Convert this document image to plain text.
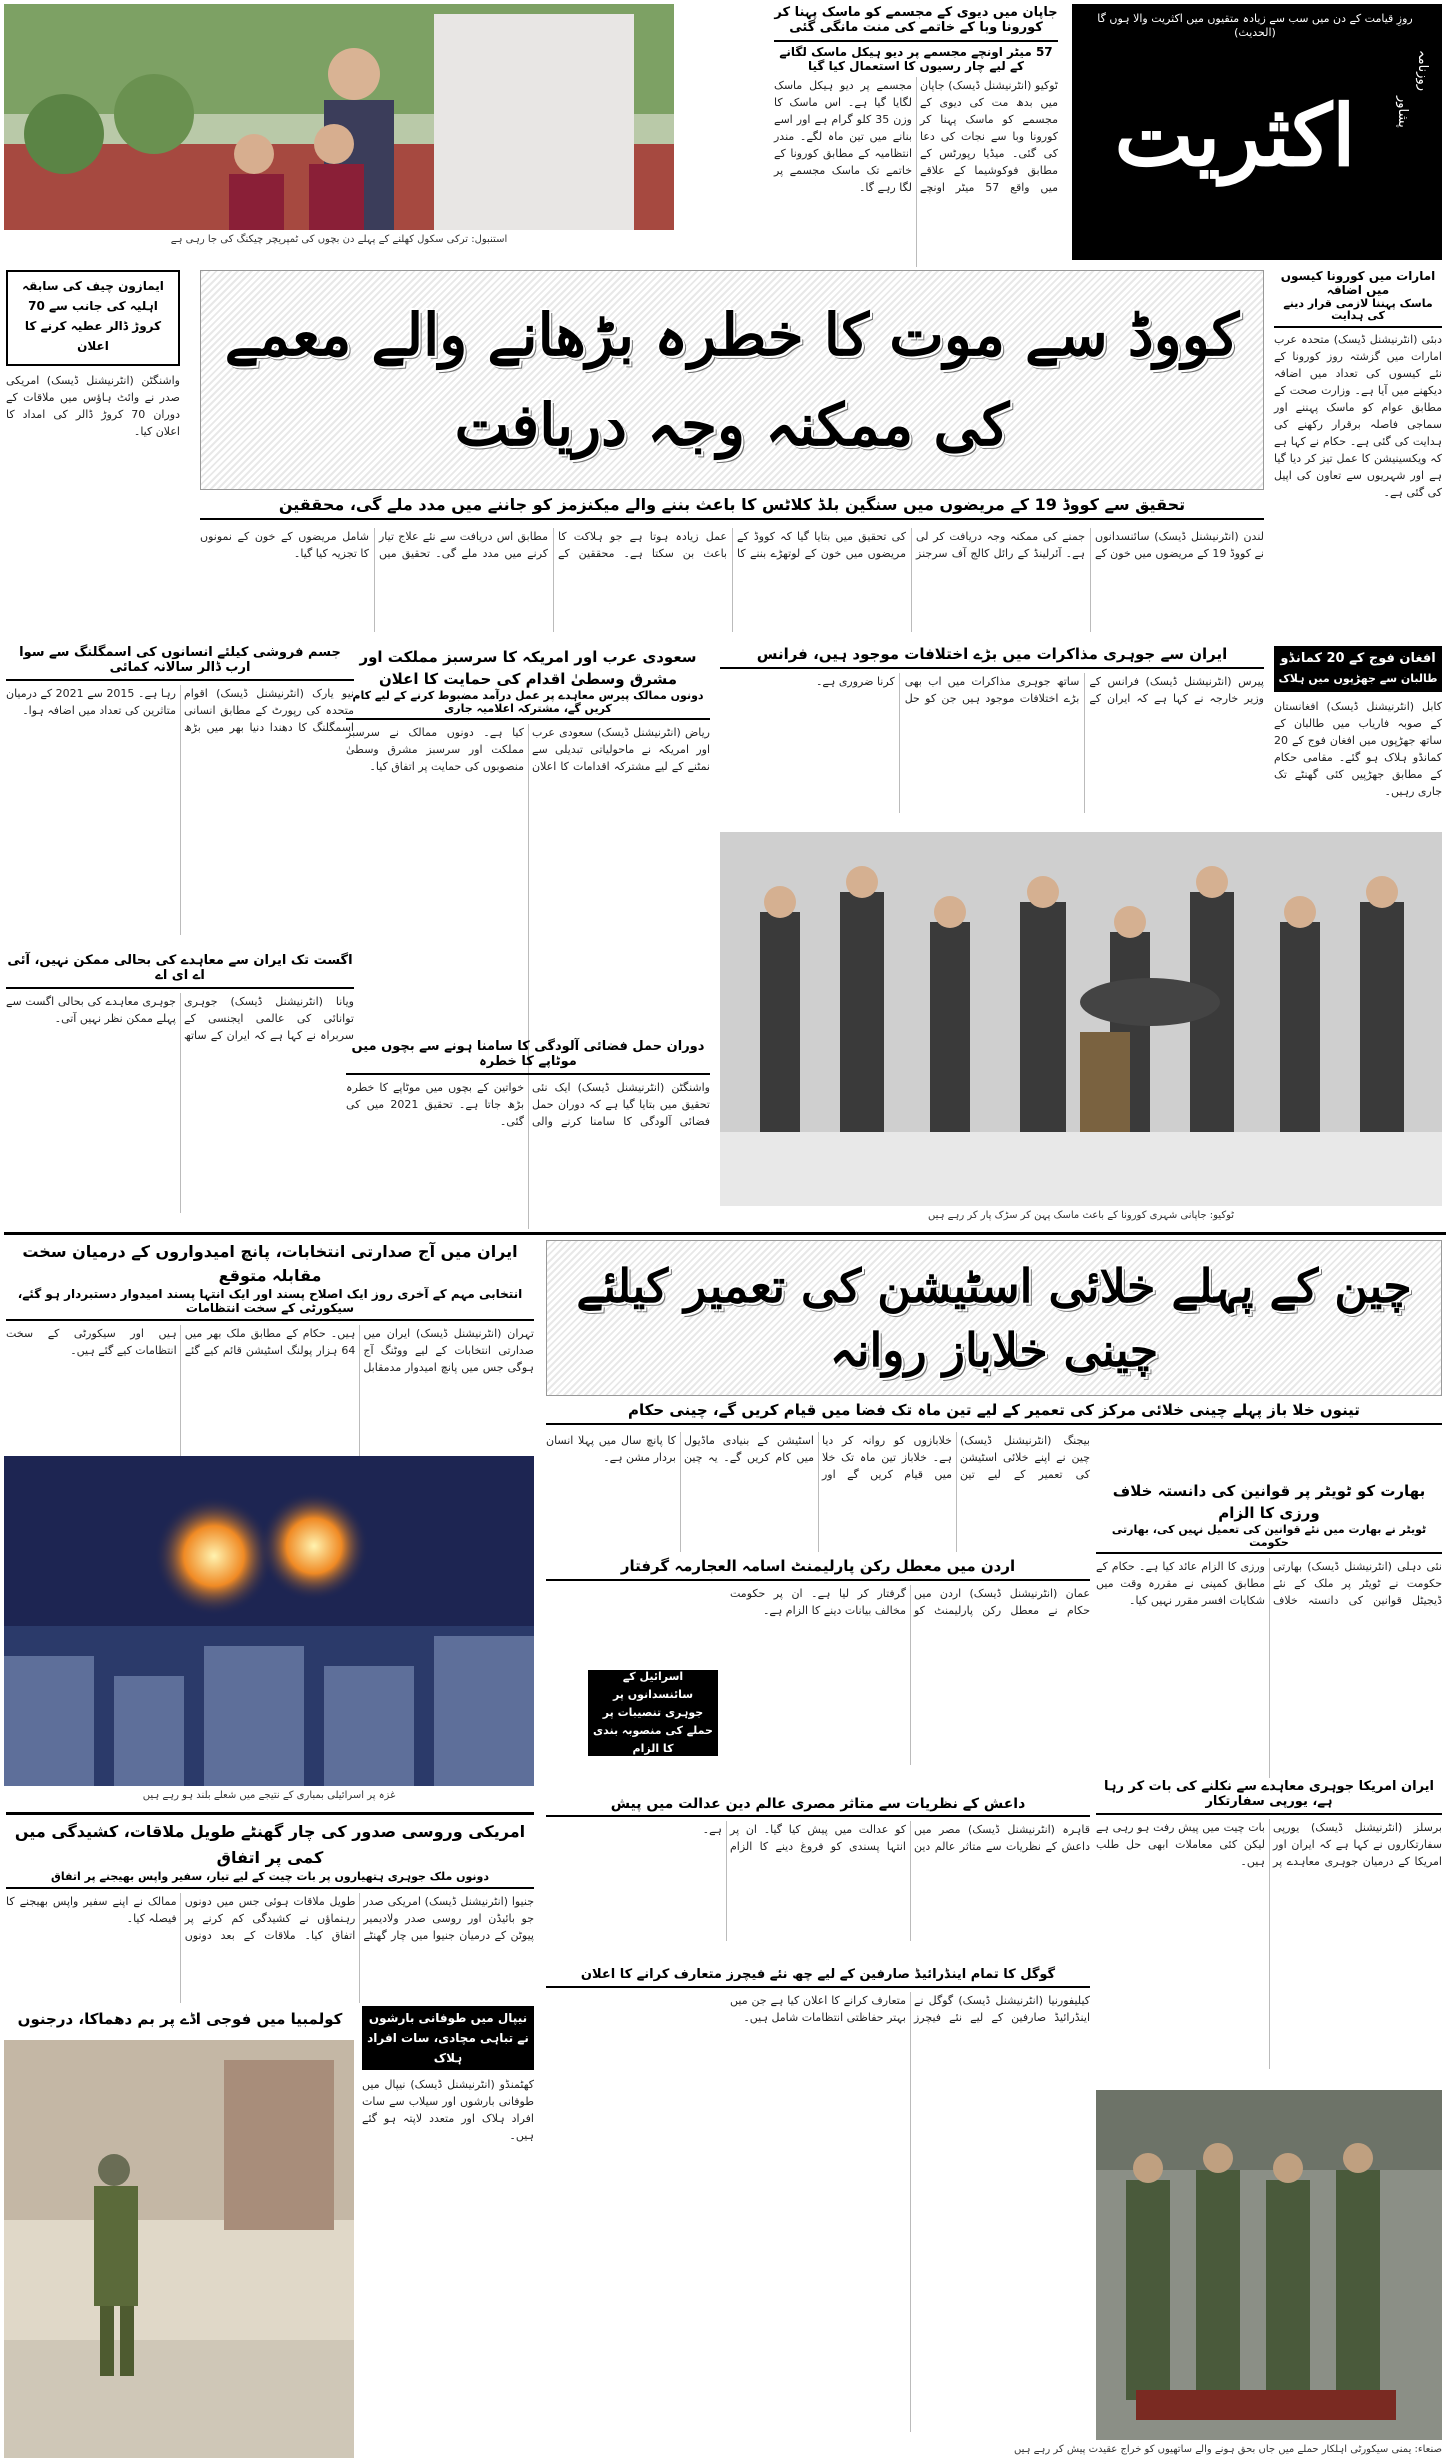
روزِ قیامت کے دن میں سب سے زیادہ متقیوں میں اکثریت والا ہوں گا (الحدیث)
روزنامہ
پشاور
اکثریت
جاپان میں دیوی کے مجسمے کو ماسک پہنا کر کورونا وبا کے خاتمے کی منت مانگی گئی
57 میٹر اونچے مجسمے پر دیو ہیکل ماسک لگانے کے لیے چار رسیوں کا استعمال کیا گیا
ٹوکیو (انٹرنیشنل ڈیسک) جاپان میں بدھ مت کی دیوی کے مجسمے کو ماسک پہنا کر کورونا وبا سے نجات کی دعا کی گئی۔ میڈیا رپورٹس کے مطابق فوکوشیما کے علاقے میں واقع 57 میٹر اونچے مجسمے پر دیو ہیکل ماسک لگایا گیا ہے۔ اس ماسک کا وزن 35 کلو گرام ہے اور اسے بنانے میں تین ماہ لگے۔ مندر انتظامیہ کے مطابق کورونا کے خاتمے تک ماسک مجسمے پر لگا رہے گا۔
استنبول: ترکی سکول کھلنے کے پہلے دن بچوں کی ٹمپریچر چیکنگ کی جا رہی ہے
امارات میں کورونا کیسوں میں اضافہ
ماسک پہننا لازمی قرار دینے کی ہدایت
دبئی (انٹرنیشنل ڈیسک) متحدہ عرب امارات میں گزشتہ روز کورونا کے نئے کیسوں کی تعداد میں اضافہ دیکھنے میں آیا ہے۔ وزارت صحت کے مطابق عوام کو ماسک پہننے اور سماجی فاصلہ برقرار رکھنے کی ہدایت کی گئی ہے۔ حکام نے کہا ہے کہ ویکسینیشن کا عمل تیز کر دیا گیا ہے اور شہریوں سے تعاون کی اپیل کی گئی ہے۔
کووڈ سے موت کا خطرہ بڑھانے والے معمے کی ممکنہ وجہ دریافت
ایمازون چیف کی سابقہ اہلیہ کی جانب سے 70 کروڑ ڈالر عطیہ کرنے کا اعلان
واشنگٹن (انٹرنیشنل ڈیسک) امریکی صدر نے وائٹ ہاؤس میں ملاقات کے دوران 70 کروڑ ڈالر کی امداد کا اعلان کیا۔
تحقیق سے کووڈ 19 کے مریضوں میں سنگین بلڈ کلاٹس کا باعث بننے والے میکنزمز کو جاننے میں مدد ملے گی، محققین
لندن (انٹرنیشنل ڈیسک) سائنسدانوں نے کووڈ 19 کے مریضوں میں خون کے جمنے کی ممکنہ وجہ دریافت کر لی ہے۔ آئرلینڈ کے رائل کالج آف سرجنز کی تحقیق میں بتایا گیا کہ کووڈ کے مریضوں میں خون کے لوتھڑے بننے کا عمل زیادہ ہوتا ہے جو ہلاکت کا باعث بن سکتا ہے۔ محققین کے مطابق اس دریافت سے نئے علاج تیار کرنے میں مدد ملے گی۔ تحقیق میں شامل مریضوں کے خون کے نمونوں کا تجزیہ کیا گیا۔
افغان فوج کے 20 کمانڈو
طالبان سے جھڑپوں میں ہلاک
کابل (انٹرنیشنل ڈیسک) افغانستان کے صوبہ فاریاب میں طالبان کے ساتھ جھڑپوں میں افغان فوج کے 20 کمانڈو ہلاک ہو گئے۔ مقامی حکام کے مطابق جھڑپیں کئی گھنٹے تک جاری رہیں۔
ایران سے جوہری مذاکرات میں بڑے اختلافات موجود ہیں، فرانس
پیرس (انٹرنیشنل ڈیسک) فرانس کے وزیر خارجہ نے کہا ہے کہ ایران کے ساتھ جوہری مذاکرات میں اب بھی بڑے اختلافات موجود ہیں جن کو حل کرنا ضروری ہے۔
سعودی عرب اور امریکہ کا سرسبز مملکت اور مشرق وسطیٰ اقدام کی حمایت کا اعلان
دونوں ممالک پیرس معاہدے پر عمل درآمد مضبوط کرنے کے لیے کام کریں گے، مشترکہ اعلامیہ جاری
ریاض (انٹرنیشنل ڈیسک) سعودی عرب اور امریکہ نے ماحولیاتی تبدیلی سے نمٹنے کے لیے مشترکہ اقدامات کا اعلان کیا ہے۔ دونوں ممالک نے سرسبز مملکت اور سرسبز مشرق وسطیٰ منصوبوں کی حمایت پر اتفاق کیا۔
جسم فروشی کیلئے انسانوں کی اسمگلنگ سے سوا ارب ڈالر سالانہ کمائی
نیو یارک (انٹرنیشنل ڈیسک) اقوام متحدہ کی رپورٹ کے مطابق انسانی اسمگلنگ کا دھندا دنیا بھر میں بڑھ رہا ہے۔ 2015 سے 2021 کے درمیان متاثرین کی تعداد میں اضافہ ہوا۔
اگست تک ایران سے معاہدے کی بحالی ممکن نہیں، آئی اے ای اے
ویانا (انٹرنیشنل ڈیسک) جوہری توانائی کی عالمی ایجنسی کے سربراہ نے کہا ہے کہ ایران کے ساتھ جوہری معاہدے کی بحالی اگست سے پہلے ممکن نظر نہیں آتی۔
ٹوکیو: جاپانی شہری کورونا کے باعث ماسک پہن کر سڑک پار کر رہے ہیں
دوران حمل فضائی آلودگی کا سامنا ہونے سے بچوں میں موٹاپے کا خطرہ
واشنگٹن (انٹرنیشنل ڈیسک) ایک نئی تحقیق میں بتایا گیا ہے کہ دوران حمل فضائی آلودگی کا سامنا کرنے والی خواتین کے بچوں میں موٹاپے کا خطرہ بڑھ جاتا ہے۔ تحقیق 2021 میں کی گئی۔
ایران میں آج صدارتی انتخابات، پانچ امیدواروں کے درمیان سخت مقابلہ متوقع
انتخابی مہم کے آخری روز ایک اصلاح پسند اور ایک انتہا پسند امیدوار دستبردار ہو گئے، سیکورٹی کے سخت انتظامات
تہران (انٹرنیشنل ڈیسک) ایران میں صدارتی انتخابات کے لیے ووٹنگ آج ہوگی جس میں پانچ امیدوار مدمقابل ہیں۔ حکام کے مطابق ملک بھر میں 64 ہزار پولنگ اسٹیشن قائم کیے گئے ہیں اور سیکورٹی کے سخت انتظامات کیے گئے ہیں۔
چین کے پہلے خلائی اسٹیشن کی تعمیر کیلئے چینی خلاباز روانہ
تینوں خلا باز پہلے چینی خلائی مرکز کی تعمیر کے لیے تین ماہ تک فضا میں قیام کریں گے، چینی حکام
بیجنگ (انٹرنیشنل ڈیسک) چین نے اپنے خلائی اسٹیشن کی تعمیر کے لیے تین خلابازوں کو روانہ کر دیا ہے۔ خلاباز تین ماہ تک خلا میں قیام کریں گے اور اسٹیشن کے بنیادی ماڈیول میں کام کریں گے۔ یہ چین کا پانچ سال میں پہلا انسان بردار مشن ہے۔
غزہ پر اسرائیلی بمباری کے نتیجے میں شعلے بلند ہو رہے ہیں
بھارت کو ٹویٹر پر قوانین کی دانستہ خلاف ورزی کا الزام
ٹویٹر نے بھارت میں نئے قوانین کی تعمیل نہیں کی، بھارتی حکومت
نئی دہلی (انٹرنیشنل ڈیسک) بھارتی حکومت نے ٹویٹر پر ملک کے نئے ڈیجیٹل قوانین کی دانستہ خلاف ورزی کا الزام عائد کیا ہے۔ حکام کے مطابق کمپنی نے مقررہ وقت میں شکایات افسر مقرر نہیں کیا۔
اردن میں معطل رکن پارلیمنٹ اسامہ العجارمہ گرفتار
عمان (انٹرنیشنل ڈیسک) اردن میں حکام نے معطل رکن پارلیمنٹ کو گرفتار کر لیا ہے۔ ان پر حکومت مخالف بیانات دینے کا الزام ہے۔
اسرائیل کے سائنسدانوں پر جوہری تنصیبات پر حملے کی منصوبہ بندی کا الزام
ایران امریکا جوہری معاہدے سے نکلنے کی بات کر رہا ہے، یورپی سفارتکار
برسلز (انٹرنیشنل ڈیسک) یورپی سفارتکاروں نے کہا ہے کہ ایران اور امریکا کے درمیان جوہری معاہدے پر بات چیت میں پیش رفت ہو رہی ہے لیکن کئی معاملات ابھی حل طلب ہیں۔
داعش کے نظریات سے متاثر مصری عالم دین عدالت میں پیش
قاہرہ (انٹرنیشنل ڈیسک) مصر میں داعش کے نظریات سے متاثر عالم دین کو عدالت میں پیش کیا گیا۔ ان پر انتہا پسندی کو فروغ دینے کا الزام ہے۔
امریکی وروسی صدور کی چار گھنٹے طویل ملاقات، کشیدگی میں کمی پر اتفاق
دونوں ملک جوہری ہتھیاروں پر بات چیت کے لیے تیار، سفیر واپس بھیجنے پر اتفاق
جنیوا (انٹرنیشنل ڈیسک) امریکی صدر جو بائیڈن اور روسی صدر ولادیمیر پیوٹن کے درمیان جنیوا میں چار گھنٹے طویل ملاقات ہوئی جس میں دونوں رہنماؤں نے کشیدگی کم کرنے پر اتفاق کیا۔ ملاقات کے بعد دونوں ممالک نے اپنے سفیر واپس بھیجنے کا فیصلہ کیا۔
کولمبیا میں فوجی اڈے پر بم دھماکا، درجنوں	نیپال میں طوفانی بارشوں نے تباہی مچادی، سات افراد ہلاک
کھٹمنڈو (انٹرنیشنل ڈیسک) نیپال میں طوفانی بارشوں اور سیلاب سے سات افراد ہلاک اور متعدد لاپتہ ہو گئے ہیں۔
گوگل کا تمام اینڈرائیڈ صارفین کے لیے چھ نئے فیچرز متعارف کرانے کا اعلان
کیلیفورنیا (انٹرنیشنل ڈیسک) گوگل نے اینڈرائیڈ صارفین کے لیے نئے فیچرز متعارف کرانے کا اعلان کیا ہے جن میں بہتر حفاظتی انتظامات شامل ہیں۔
صنعاء: یمنی سیکورٹی اہلکار حملے میں جاں بحق ہونے والے ساتھیوں کو خراج عقیدت پیش کر رہے ہیں
